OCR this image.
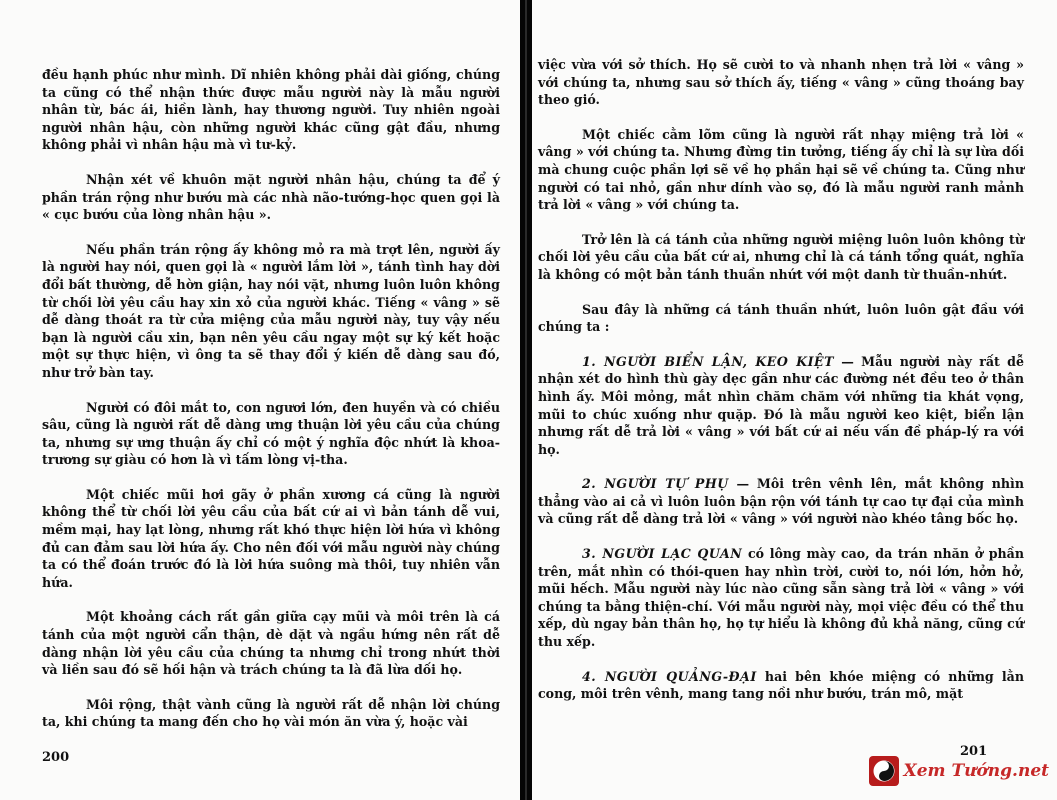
đều hạnh phúc như mình. Dĩ nhiên không phải dài giống, chúng ta cũng có thể nhận thức được mẫu người này là mẫu người nhân từ, bác ái, hiền lành, hay thương người. Tuy nhiên ngoài người nhân hậu, còn những người khác cũng gật đầu, nhưng không phải vì nhân hậu mà vì tư-kỷ.

Nhận xét về khuôn mặt người nhân hậu, chúng ta để ý phần trán rộng như bướu mà các nhà não-tướng-học quen gọi là « cục bướu của lòng nhân hậu ».

Nếu phần trán rộng ấy không mỏ ra mà trợt lên, người ấy là người hay nói, quen gọi là « người lắm lời », tánh tình hay dời đổi bất thường, dễ hờn giận, hay nói vặt, nhưng luôn luôn không từ chối lời yêu cầu hay xin xỏ của người khác. Tiếng « vâng » sẽ dễ dàng thoát ra từ cửa miệng của mẫu người này, tuy vậy nếu bạn là người cầu xin, bạn nên yêu cầu ngay một sự ký kết hoặc một sự thực hiện, vì ông ta sẽ thay đổi ý kiến dễ dàng sau đó, như trở bàn tay.

Người có đôi mắt to, con ngươi lớn, đen huyền và có chiều sâu, cũng là người rất dễ dàng ưng thuận lời yêu cầu của chúng ta, nhưng sự ưng thuận ấy chỉ có một ý nghĩa độc nhứt là khoa-trương sự giàu có hơn là vì tấm lòng vị-tha.

Một chiếc mũi hơi gãy ở phần xương cá cũng là người không thể từ chối lời yêu cầu của bất cứ ai vì bản tánh dễ vui, mềm mại, hay lạt lòng, nhưng rất khó thực hiện lời hứa vì không đủ can đảm sau lời hứa ấy. Cho nên đối với mẫu người này chúng ta có thể đoán trước đó là lời hứa suông mà thôi, tuy nhiên vẫn hứa.

Một khoảng cách rất gần giữa cạy mũi và môi trên là cá tánh của một người cẩn thận, dè dặt và ngầu hứng nên rất dễ dàng nhận lời yêu cầu của chúng ta nhưng chỉ trong nhứt thời và liền sau đó sẽ hối hận và trách chúng ta là đã lừa dối họ.

Môi rộng, thật vành cũng là người rất dễ nhận lời chúng ta, khi chúng ta mang đến cho họ vài món ăn vừa ý, hoặc vài

200

việc vừa với sở thích. Họ sẽ cười to và nhanh nhẹn trả lời « vâng » với chúng ta, nhưng sau sở thích ấy, tiếng « vâng » cũng thoáng bay theo gió.

Một chiếc cằm lõm cũng là người rất nhạy miệng trả lời « vâng » với chúng ta. Nhưng đừng tin tưởng, tiếng ấy chỉ là sự lừa dối mà chung cuộc phần lợi sẽ về họ phần hại sẽ về chúng ta. Cũng như người có tai nhỏ, gần như dính vào sọ, đó là mẫu người ranh mảnh trả lời « vâng » với chúng ta.

Trở lên là cá tánh của những người miệng luôn luôn không từ chối lời yêu cầu của bất cứ ai, nhưng chỉ là cá tánh tổng quát, nghĩa là không có một bản tánh thuần nhứt với một danh từ thuần-nhứt.

Sau đây là những cá tánh thuần nhứt, luôn luôn gật đầu với chúng ta :

1. NGƯỜI BIỂN LẬN, KEO KIỆT — Mẫu người này rất dễ nhận xét do hình thù gày dẹc gần như các đường nét đều teo ở thân hình ấy. Môi mỏng, mắt nhìn chăm chăm với những tia khát vọng, mũi to chúc xuống như quặp. Đó là mẫu người keo kiệt, biển lận nhưng rất dễ trả lời « vâng » với bất cứ ai nếu vấn đề pháp-lý ra với họ.

2. NGƯỜI TỰ PHỤ — Môi trên vênh lên, mắt không nhìn thẳng vào ai cả vì luôn luôn bận rộn với tánh tự cao tự đại của mình và cũng rất dễ dàng trả lời « vâng » với người nào khéo tâng bốc họ.

3. NGƯỜI LẠC QUAN có lông mày cao, da trán nhăn ở phần trên, mắt nhìn có thói-quen hay nhìn trời, cười to, nói lớn, hởn hở, mũi hếch. Mẫu người này lúc nào cũng sẵn sàng trả lời « vâng » với chúng ta bằng thiện-chí. Với mẫu người này, mọi việc đều có thể thu xếp, dù ngay bản thân họ, họ tự hiểu là không đủ khả năng, cũng cứ thu xếp.

4. NGƯỜI QUẢNG-ĐẠI hai bên khóe miệng có những lằn cong, môi trên vênh, mang tang nồi như bướu, trán mô, mặt

201
Xem Tướng.net
